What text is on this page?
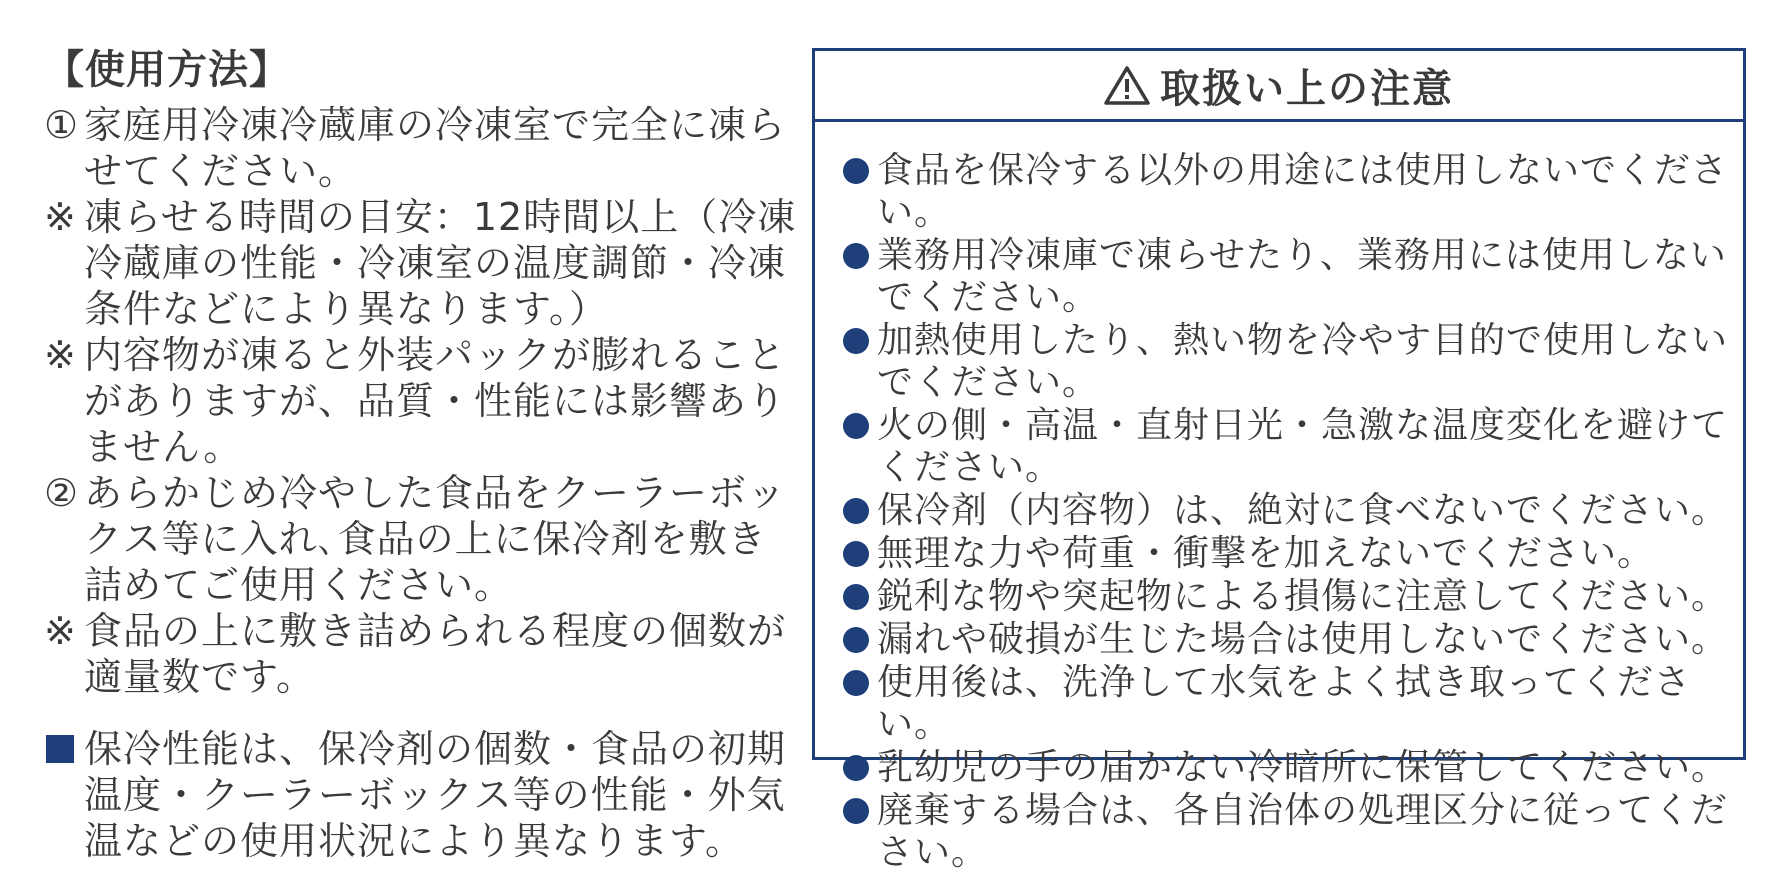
【使用方法】
① 家庭用冷凍冷蔵庫の冷凍室で完全に凍らせてください。
※ 凍らせる時間の目安：12時間以上（冷凍冷蔵庫の性能・冷凍室の温度調節・冷凍条件などにより異なります。）
※ 内容物が凍ると外装パックが膨れることがありますが、品質・性能には影響ありません。
② あらかじめ冷やした食品をクーラーボックス等に入れ､食品の上に保冷剤を敷き詰めてご使用ください。
※ 食品の上に敷き詰められる程度の個数が適量数です。
保冷性能は、保冷剤の個数・食品の初期温度・クーラーボックス等の性能・外気温などの使用状況により異なります。
取扱い上の注意
食品を保冷する以外の用途には使用しないでください。
業務用冷凍庫で凍らせたり、業務用には使用しないでください。
加熱使用したり、熱い物を冷やす目的で使用しないでください。
火の側・高温・直射日光・急激な温度変化を避けてください。
保冷剤（内容物）は、絶対に食べないでください。
無理な力や荷重・衝撃を加えないでください。
鋭利な物や突起物による損傷に注意してください。
漏れや破損が生じた場合は使用しないでください。
使用後は、洗浄して水気をよく拭き取ってください。
乳幼児の手の届かない冷暗所に保管してください。
廃棄する場合は、各自治体の処理区分に従ってください。
